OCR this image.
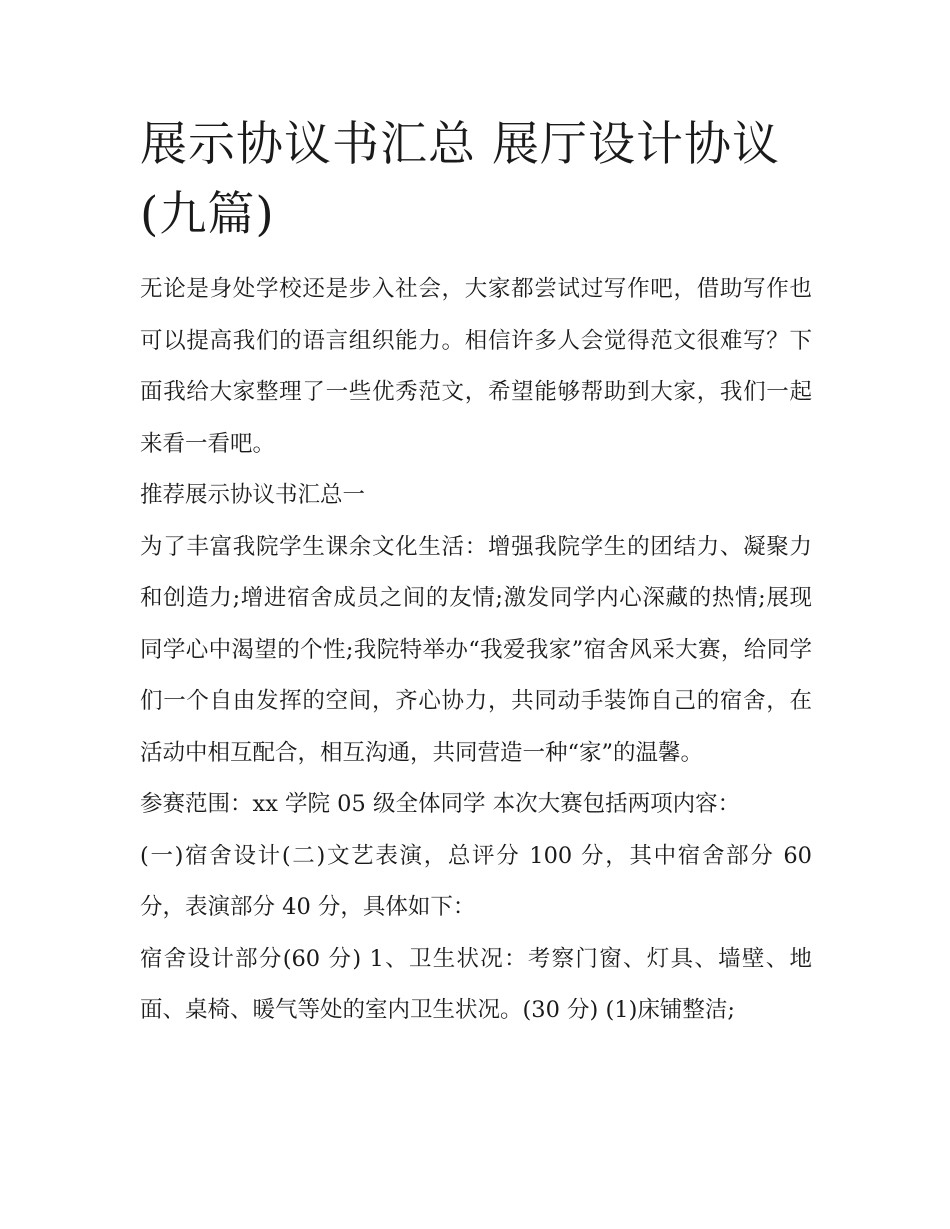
展示协议书汇总 展厅设计协议(九篇)

无论是身处学校还是步入社会，大家都尝试过写作吧，借助写作也可以提高我们的语言组织能力。相信许多人会觉得范文很难写？下面我给大家整理了一些优秀范文，希望能够帮助到大家，我们一起来看一看吧。

推荐展示协议书汇总一

为了丰富我院学生课余文化生活：增强我院学生的团结力、凝聚力和创造力;增进宿舍成员之间的友情;激发同学内心深藏的热情;展现同学心中渴望的个性;我院特举办“我爱我家”宿舍风采大赛，给同学们一个自由发挥的空间，齐心协力，共同动手装饰自己的宿舍，在活动中相互配合，相互沟通，共同营造一种“家”的温馨。

参赛范围：xx 学院 05 级全体同学 本次大赛包括两项内容：

(一)宿舍设计(二)文艺表演，总评分 100 分，其中宿舍部分 60 分，表演部分 40 分，具体如下：

宿舍设计部分(60 分) 1、卫生状况：考察门窗、灯具、墙壁、地面、桌椅、暖气等处的室内卫生状况。(30 分) (1)床铺整洁;
